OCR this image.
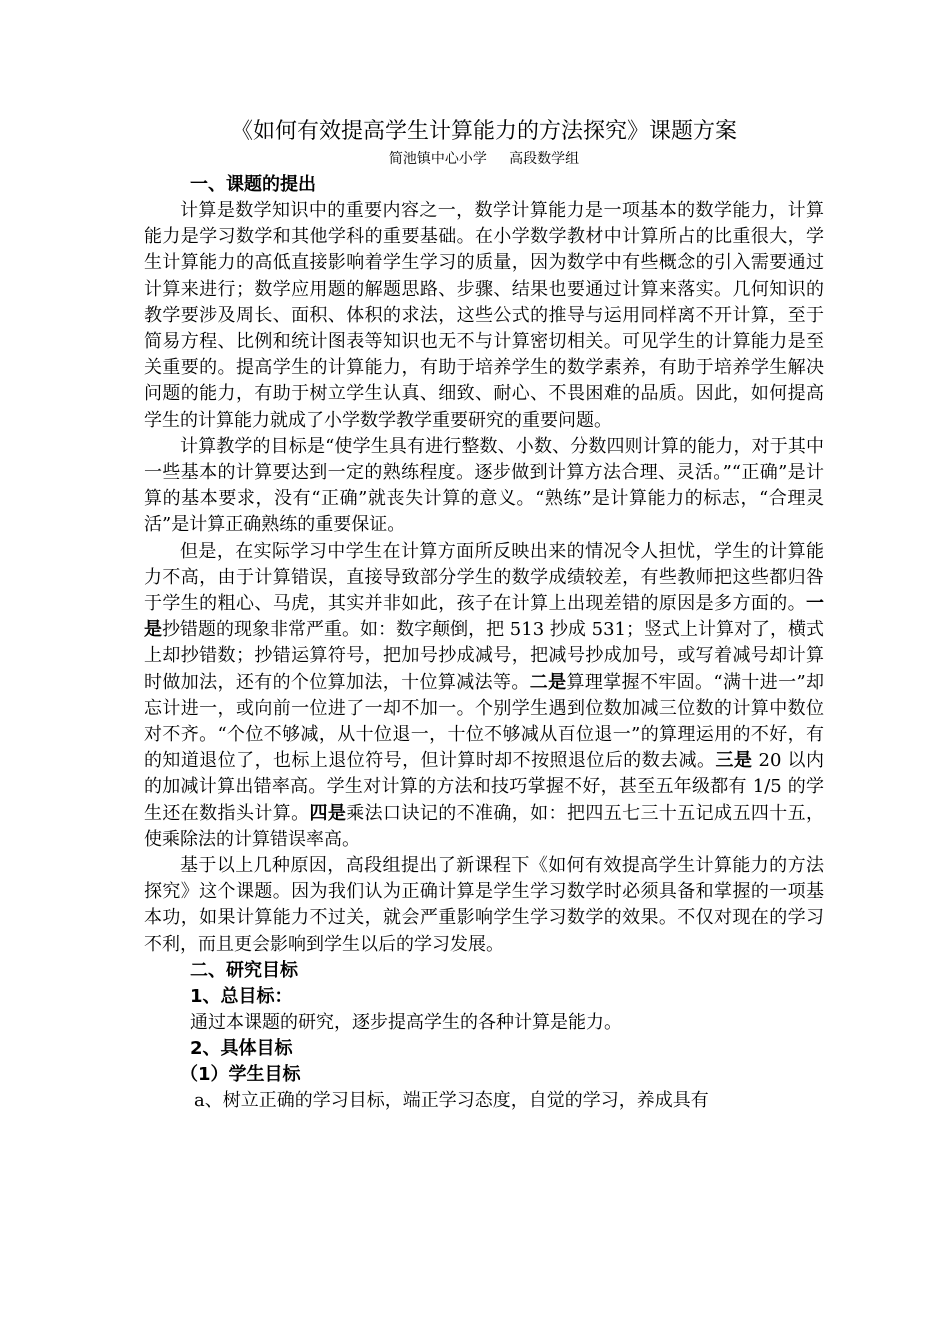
《如何有效提高学生计算能力的方法探究》课题方案
简池镇中心小学     高段数学组
一、课题的提出

计算是数学知识中的重要内容之一，数学计算能力是一项基本的数学能力，计算能力是学习数学和其他学科的重要基础。在小学数学教材中计算所占的比重很大，学生计算能力的高低直接影响着学生学习的质量，因为数学中有些概念的引入需要通过计算来进行；数学应用题的解题思路、步骤、结果也要通过计算来落实。几何知识的教学要涉及周长、面积、体积的求法，这些公式的推导与运用同样离不开计算，至于简易方程、比例和统计图表等知识也无不与计算密切相关。可见学生的计算能力是至关重要的。提高学生的计算能力，有助于培养学生的数学素养，有助于培养学生解决问题的能力，有助于树立学生认真、细致、耐心、不畏困难的品质。因此，如何提高学生的计算能力就成了小学数学教学重要研究的重要问题。

计算教学的目标是“使学生具有进行整数、小数、分数四则计算的能力，对于其中一些基本的计算要达到一定的熟练程度。逐步做到计算方法合理、灵活。”“正确”是计算的基本要求，没有“正确”就丧失计算的意义。“熟练”是计算能力的标志，“合理灵活”是计算正确熟练的重要保证。

但是，在实际学习中学生在计算方面所反映出来的情况令人担忧，学生的计算能力不高，由于计算错误，直接导致部分学生的数学成绩较差，有些教师把这些都归咎于学生的粗心、马虎，其实并非如此，孩子在计算上出现差错的原因是多方面的。一是抄错题的现象非常严重。如：数字颠倒，把 513 抄成 531；竖式上计算对了，横式上却抄错数；抄错运算符号，把加号抄成减号，把减号抄成加号，或写着减号却计算时做加法，还有的个位算加法，十位算减法等。二是算理掌握不牢固。“满十进一”却忘计进一，或向前一位进了一却不加一。个别学生遇到位数加减三位数的计算中数位对不齐。“个位不够减，从十位退一，十位不够减从百位退一”的算理运用的不好，有的知道退位了，也标上退位符号，但计算时却不按照退位后的数去减。三是 20 以内的加减计算出错率高。学生对计算的方法和技巧掌握不好，甚至五年级都有 1/5 的学生还在数指头计算。四是乘法口诀记的不准确，如：把四五七三十五记成五四十五，使乘除法的计算错误率高。

基于以上几种原因，高段组提出了新课程下《如何有效提高学生计算能力的方法探究》这个课题。因为我们认为正确计算是学生学习数学时必须具备和掌握的一项基本功，如果计算能力不过关，就会严重影响学生学习数学的效果。不仅对现在的学习不利，而且更会影响到学生以后的学习发展。

二、研究目标
1、总目标：
通过本课题的研究，逐步提高学生的各种计算是能力。
2、具体目标
（1）学生目标
a、树立正确的学习目标，端正学习态度，自觉的学习，养成具有
